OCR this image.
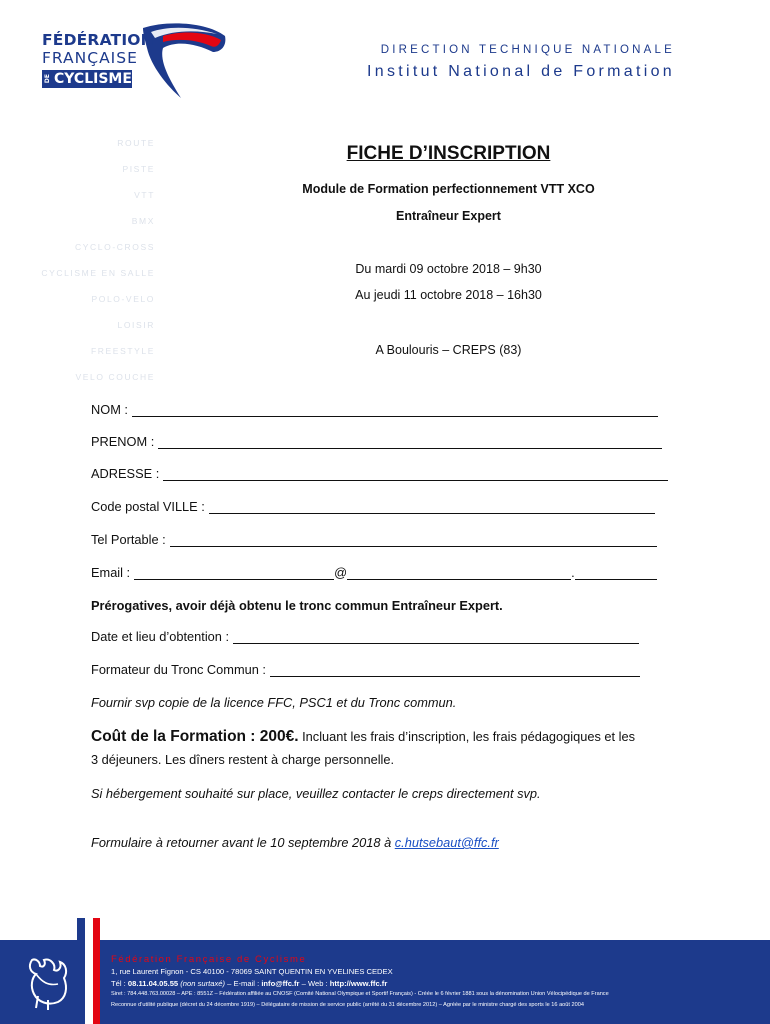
FÉDÉRATION
FRANÇAISE
DE CYCLISME
DIRECTION TECHNIQUE NATIONALE
Institut National de Formation
ROUTE
PISTE
VTT
BMX
CYCLO-CROSS
CYCLISME EN SALLE
POLO-VELO
LOISIR
FREESTYLE
VELO COUCHE
FICHE D’INSCRIPTION
Module de Formation perfectionnement VTT XCO
Entraîneur Expert
Du mardi 09 octobre 2018 – 9h30
Au jeudi 11 octobre 2018 – 16h30
A Boulouris – CREPS (83)
NOM :
PRENOM :
ADRESSE :
Code postal VILLE :
Tel Portable :
Email :	@	.
Prérogatives, avoir déjà obtenu le tronc commun Entraîneur Expert.
Date et lieu d’obtention :
Formateur du Tronc Commun :
Fournir svp copie de la licence FFC, PSC1 et du Tronc commun.
Coût de la Formation : 200€. Incluant les frais d’inscription, les frais pédagogiques et les
3 déjeuners. Les dîners restent à charge personnelle.
Si hébergement souhaité sur place, veuillez contacter le creps directement svp.
Formulaire à retourner avant le 10 septembre 2018 à c.hutsebaut@ffc.fr
Fédération Française de Cyclisme
1, rue Laurent Fignon - CS 40100 - 78069 SAINT QUENTIN EN YVELINES CEDEX
Tél : 08.11.04.05.55 (non surtaxé) – E-mail : info@ffc.fr – Web : http://www.ffc.fr
Siret : 784.448.763.00028 – APE : 8551Z – Fédération affiliée au CNOSF (Comité National Olympique et Sportif Français) - Créée le 6 février 1881 sous la dénomination Union Vélocipédique de France
Reconnue d’utilité publique (décret du 24 décembre 1919) – Délégataire de mission de service public (arrêté du 31 décembre 2012) – Agréée par le ministre chargé des sports le 16 août 2004
